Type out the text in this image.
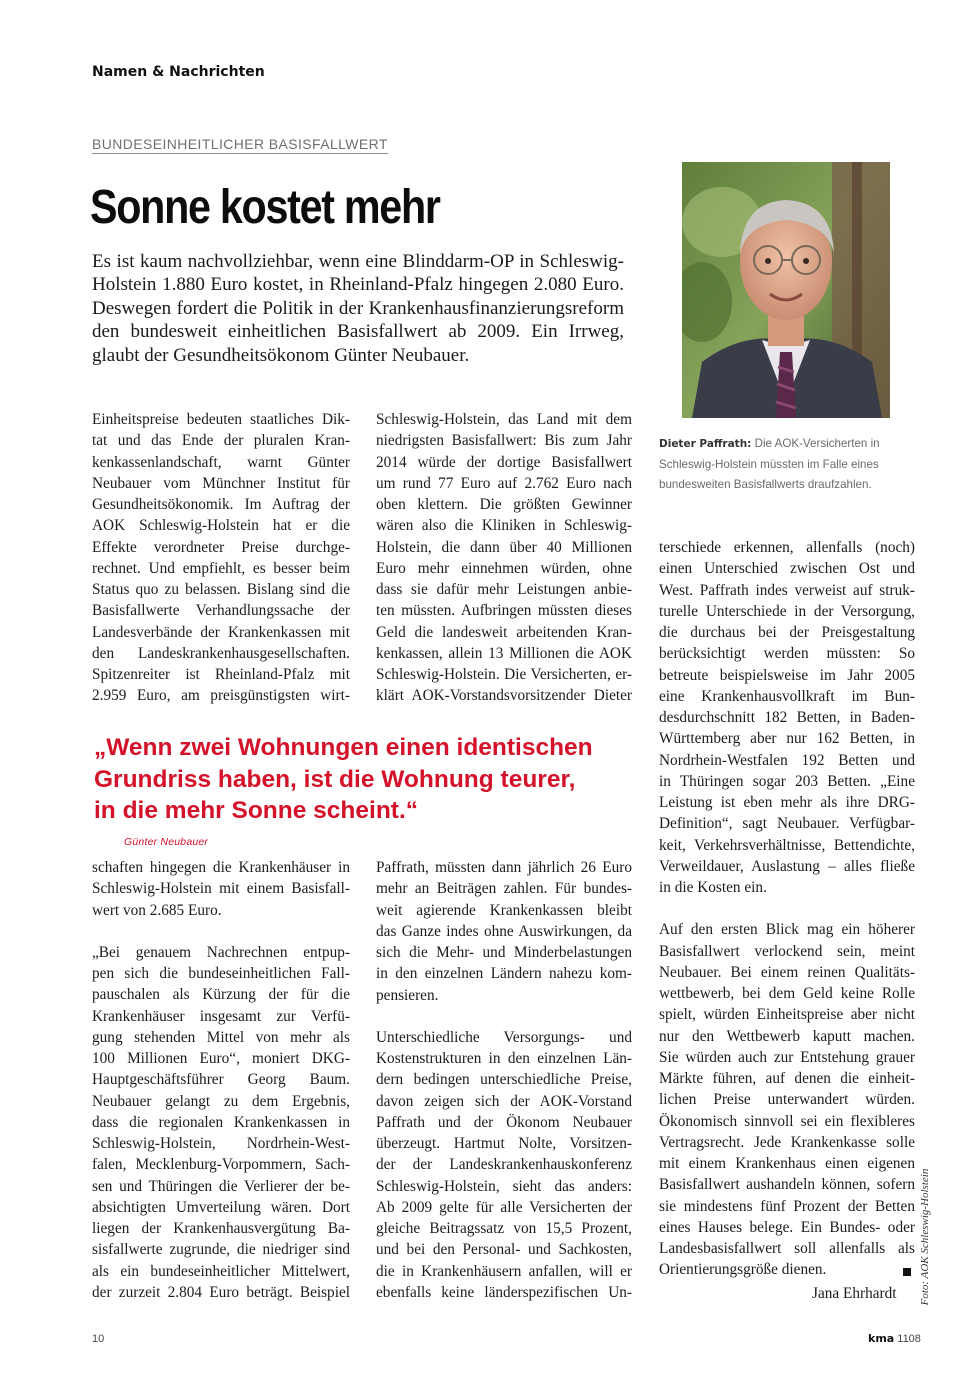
Namen & Nachrichten
BUNDESEINHEITLICHER BASISFALLWERT
Sonne kostet mehr
Es ist kaum nachvollziehbar, wenn eine Blinddarm-OP in Schleswig-
Holstein 1.880 Euro kostet, in Rheinland-Pfalz hingegen 2.080 Euro.
Deswegen fordert die Politik in der Krankenhausfinanzierungsreform
den bundesweit einheitlichen Basisfallwert ab 2009. Ein Irrweg,
glaubt der Gesundheitsökonom Günter Neubauer.
Dieter Paffrath: Die AOK-Versicherten in
Schleswig-Holstein müssten im Falle eines
bundesweiten Basisfallwerts draufzahlen.
Einheitspreise bedeuten staatliches Dik-
tat und das Ende der pluralen Kran-
kenkassenlandschaft, warnt Günter
Neubauer vom Münchner Institut für
Gesundheitsökonomik. Im Auftrag der
AOK Schleswig-Holstein hat er die
Effekte verordneter Preise durchge-
rechnet. Und empfiehlt, es besser beim
Status quo zu belassen. Bislang sind die
Basisfallwerte Verhandlungssache der
Landesverbände der Krankenkassen mit
den Landeskrankenhausgesellschaften.
Spitzenreiter ist Rheinland-Pfalz mit
2.959 Euro, am preisgünstigsten wirt-
Schleswig-Holstein, das Land mit dem
niedrigsten Basisfallwert: Bis zum Jahr
2014 würde der dortige Basisfallwert
um rund 77 Euro auf 2.762 Euro nach
oben klettern. Die größten Gewinner
wären also die Kliniken in Schleswig-
Holstein, die dann über 40 Millionen
Euro mehr einnehmen würden, ohne
dass sie dafür mehr Leistungen anbie-
ten müssten. Aufbringen müssten dieses
Geld die landesweit arbeitenden Kran-
kenkassen, allein 13 Millionen die AOK
Schleswig-Holstein. Die Versicherten, er-
klärt AOK-Vorstandsvorsitzender Dieter
terschiede erkennen, allenfalls (noch)
einen Unterschied zwischen Ost und
West. Paffrath indes verweist auf struk-
turelle Unterschiede in der Versorgung,
die durchaus bei der Preisgestaltung
berücksichtigt werden müssten: So
betreute beispielsweise im Jahr 2005
eine Krankenhausvollkraft im Bun-
desdurchschnitt 182 Betten, in Baden-
Württemberg aber nur 162 Betten, in
Nordrhein-Westfalen 192 Betten und
in Thüringen sogar 203 Betten. „Eine
Leistung ist eben mehr als ihre DRG-
Definition“, sagt Neubauer. Verfügbar-
keit, Verkehrsverhältnisse, Bettendichte,
Verweildauer, Auslastung – alles fließe
in die Kosten ein.
Auf den ersten Blick mag ein höherer
Basisfallwert verlockend sein, meint
Neubauer. Bei einem reinen Qualitäts-
wettbewerb, bei dem Geld keine Rolle
spielt, würden Einheitspreise aber nicht
nur den Wettbewerb kaputt machen.
Sie würden auch zur Entstehung grauer
Märkte führen, auf denen die einheit-
lichen Preise unterwandert würden.
Ökonomisch sinnvoll sei ein flexibleres
Vertragsrecht. Jede Krankenkasse solle
mit einem Krankenhaus einen eigenen
Basisfallwert aushandeln können, sofern
sie mindestens fünf Prozent der Betten
eines Hauses belege. Ein Bundes- oder
Landesbasisfallwert soll allenfalls als
Orientierungsgröße dienen.
„Wenn zwei Wohnungen einen identischen
Grundriss haben, ist die Wohnung teurer,
in die mehr Sonne scheint.“
Günter Neubauer
schaften hingegen die Krankenhäuser in
Schleswig-Holstein mit einem Basisfall-
wert von 2.685 Euro.
„Bei genauem Nachrechnen entpup-
pen sich die bundeseinheitlichen Fall-
pauschalen als Kürzung der für die
Krankenhäuser insgesamt zur Verfü-
gung stehenden Mittel von mehr als
100 Millionen Euro“, moniert DKG-
Hauptgeschäftsführer Georg Baum.
Neubauer gelangt zu dem Ergebnis,
dass die regionalen Krankenkassen in
Schleswig-Holstein, Nordrhein-West-
falen, Mecklenburg-Vorpommern, Sach-
sen und Thüringen die Verlierer der be-
absichtigten Umverteilung wären. Dort
liegen der Krankenhausvergütung Ba-
sisfallwerte zugrunde, die niedriger sind
als ein bundeseinheitlicher Mittelwert,
der zurzeit 2.804 Euro beträgt. Beispiel
Paffrath, müssten dann jährlich 26 Euro
mehr an Beiträgen zahlen. Für bundes-
weit agierende Krankenkassen bleibt
das Ganze indes ohne Auswirkungen, da
sich die Mehr- und Minderbelastungen
in den einzelnen Ländern nahezu kom-
pensieren.
Unterschiedliche Versorgungs- und
Kostenstrukturen in den einzelnen Län-
dern bedingen unterschiedliche Preise,
davon zeigen sich der AOK-Vorstand
Paffrath und der Ökonom Neubauer
überzeugt. Hartmut Nolte, Vorsitzen-
der der Landeskrankenhauskonferenz
Schleswig-Holstein, sieht das anders:
Ab 2009 gelte für alle Versicherten der
gleiche Beitragssatz von 15,5 Prozent,
und bei den Personal- und Sachkosten,
die in Krankenhäusern anfallen, will er
ebenfalls keine länderspezifischen Un-	Jana Ehrhardt Foto: AOK Schleswig-Holstein
10	kma 1108
